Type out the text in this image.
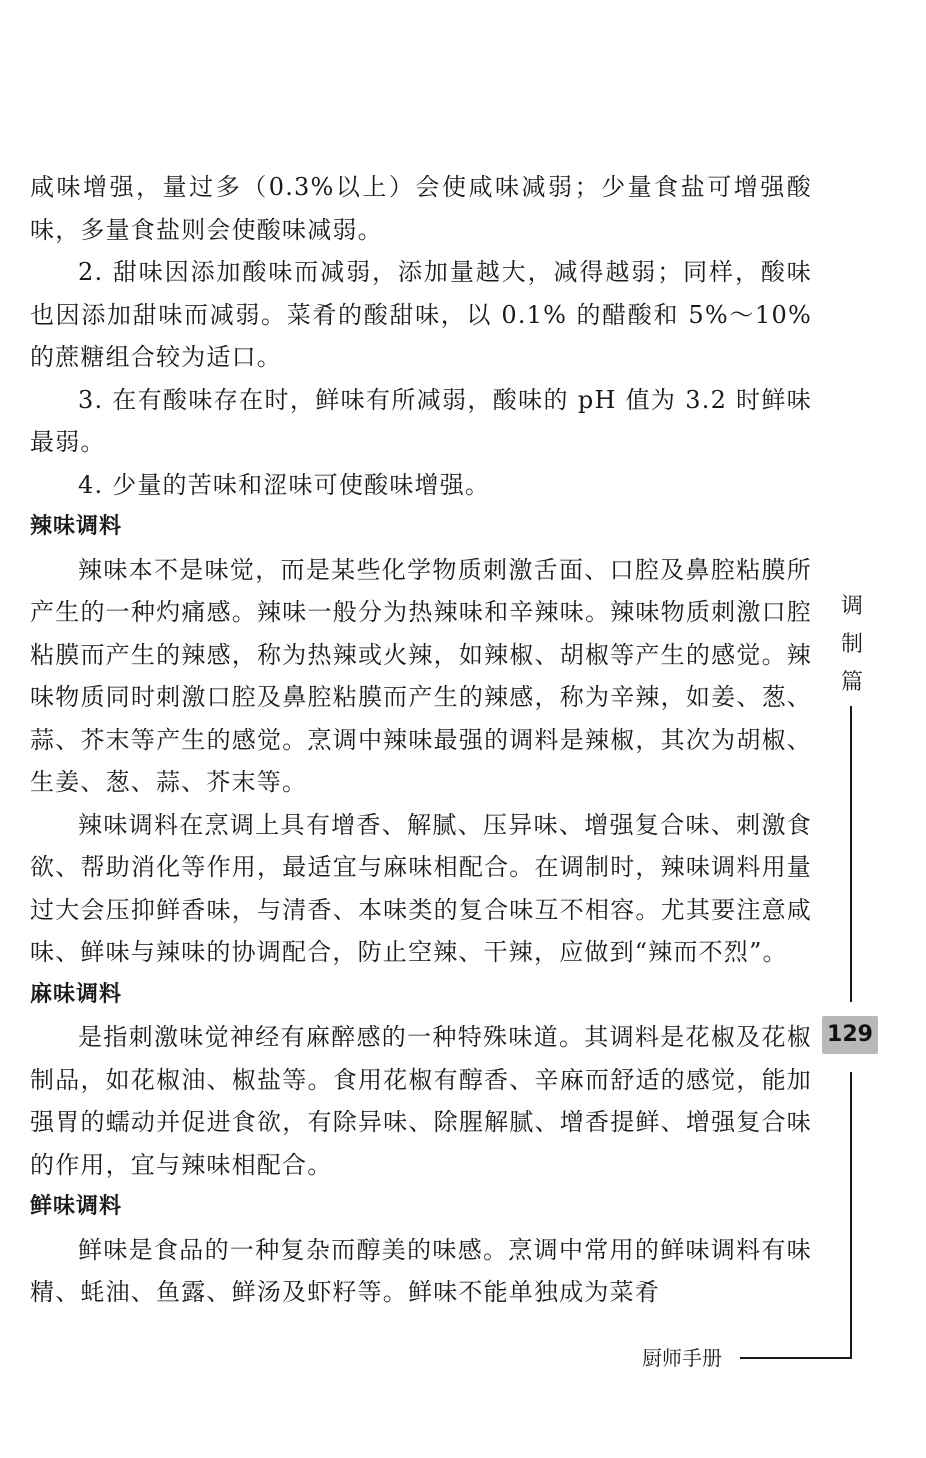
咸味增强，量过多（0.3%以上）会使咸味减弱；少量食盐可增强酸味，多量食盐则会使酸味减弱。

2. 甜味因添加酸味而减弱，添加量越大，减得越弱；同样，酸味也因添加甜味而减弱。菜肴的酸甜味，以 0.1% 的醋酸和 5%～10% 的蔗糖组合较为适口。

3. 在有酸味存在时，鲜味有所减弱，酸味的 pH 值为 3.2 时鲜味最弱。

4. 少量的苦味和涩味可使酸味增强。

辣味调料

辣味本不是味觉，而是某些化学物质刺激舌面、口腔及鼻腔粘膜所产生的一种灼痛感。辣味一般分为热辣味和辛辣味。辣味物质刺激口腔粘膜而产生的辣感，称为热辣或火辣，如辣椒、胡椒等产生的感觉。辣味物质同时刺激口腔及鼻腔粘膜而产生的辣感，称为辛辣，如姜、葱、蒜、芥末等产生的感觉。烹调中辣味最强的调料是辣椒，其次为胡椒、生姜、葱、蒜、芥末等。

辣味调料在烹调上具有增香、解腻、压异味、增强复合味、刺激食欲、帮助消化等作用，最适宜与麻味相配合。在调制时，辣味调料用量过大会压抑鲜香味，与清香、本味类的复合味互不相容。尤其要注意咸味、鲜味与辣味的协调配合，防止空辣、干辣，应做到“辣而不烈”。

麻味调料

是指刺激味觉神经有麻醉感的一种特殊味道。其调料是花椒及花椒制品，如花椒油、椒盐等。食用花椒有醇香、辛麻而舒适的感觉，能加强胃的蠕动并促进食欲，有除异味、除腥解腻、增香提鲜、增强复合味的作用，宜与辣味相配合。

鲜味调料

鲜味是食品的一种复杂而醇美的味感。烹调中常用的鲜味调料有味精、蚝油、鱼露、鲜汤及虾籽等。鲜味不能单独成为菜肴

调
制
篇
129
厨师手册
